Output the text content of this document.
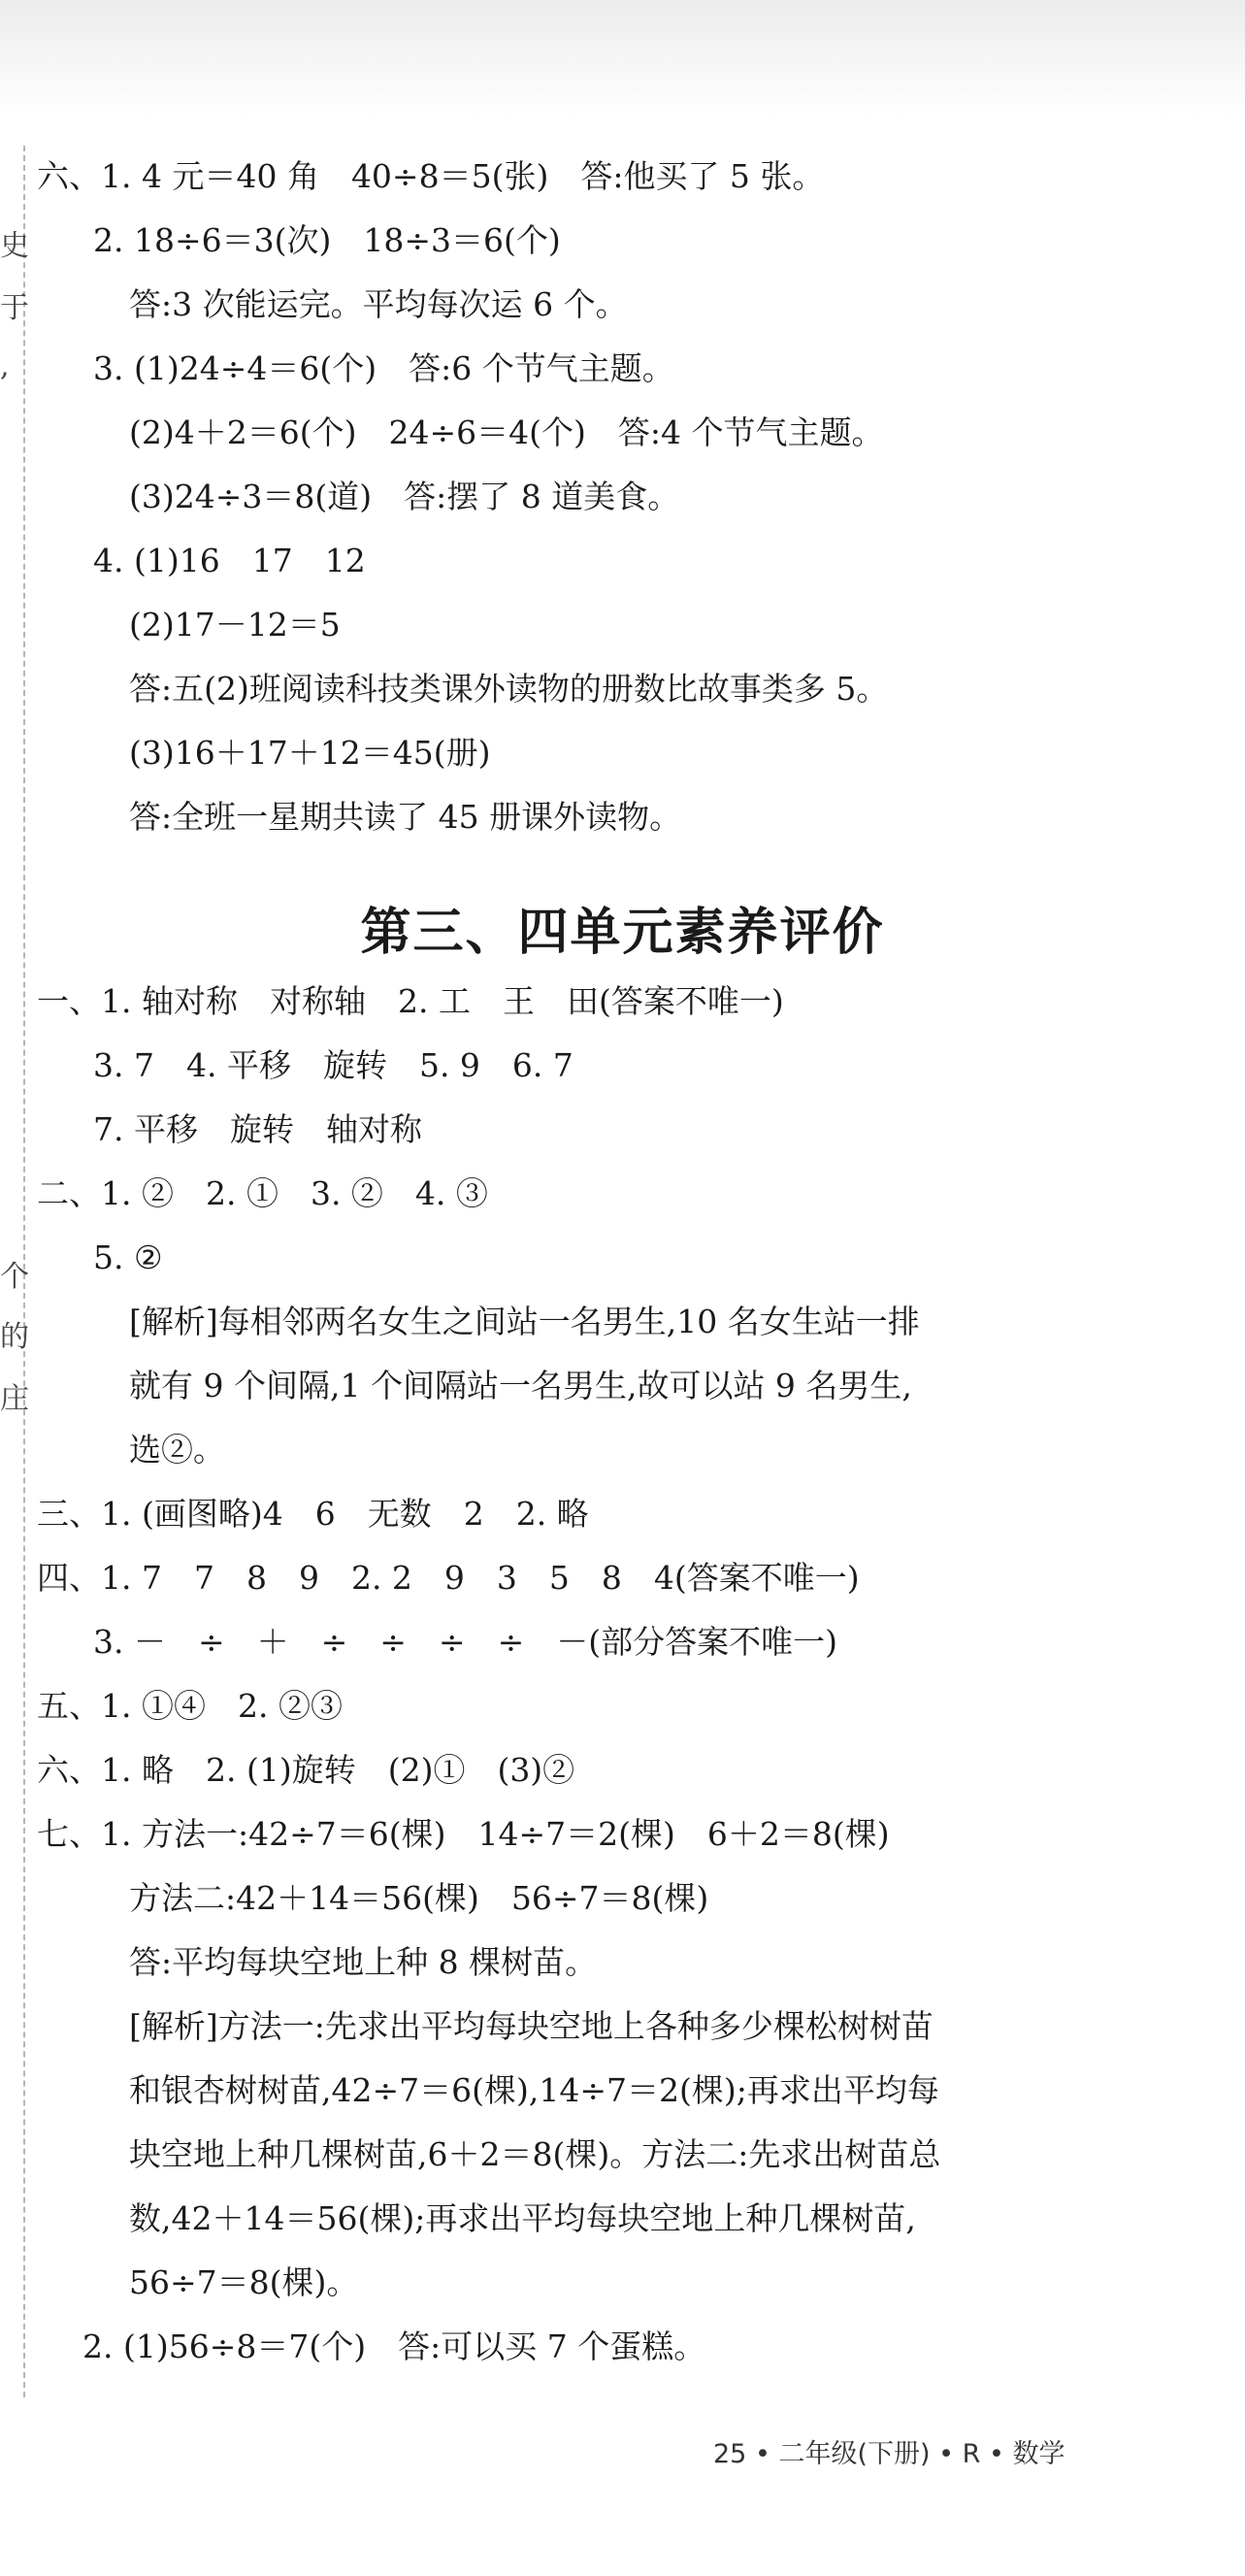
史
于
,
个
的
庄
六、1. 4 元＝40 角　40÷8＝5(张)　答:他买了 5 张。
2. 18÷6＝3(次)　18÷3＝6(个)
答:3 次能运完。平均每次运 6 个。
3. (1)24÷4＝6(个)　答:6 个节气主题。
(2)4＋2＝6(个)　24÷6＝4(个)　答:4 个节气主题。
(3)24÷3＝8(道)　答:摆了 8 道美食。
4. (1)16　17　12
(2)17－12＝5
答:五(2)班阅读科技类课外读物的册数比故事类多 5。
(3)16＋17＋12＝45(册)
答:全班一星期共读了 45 册课外读物。
第三、四单元素养评价
一、1. 轴对称　对称轴　2. 工　王　田(答案不唯一)
3. 7　4. 平移　旋转　5. 9　6. 7
7. 平移　旋转　轴对称
二、1. ②　2. ①　3. ②　4. ③
5. ②
[解析]每相邻两名女生之间站一名男生,10 名女生站一排
就有 9 个间隔,1 个间隔站一名男生,故可以站 9 名男生,
选②。
三、1. (画图略)4　6　无数　2　2. 略
四、1. 7　7　8　9　2. 2　9　3　5　8　4(答案不唯一)
3. －　÷　＋　÷　÷　÷　÷　－(部分答案不唯一)
五、1. ①④　2. ②③
六、1. 略　2. (1)旋转　(2)①　(3)②
七、1. 方法一:42÷7＝6(棵)　14÷7＝2(棵)　6＋2＝8(棵)
方法二:42＋14＝56(棵)　56÷7＝8(棵)
答:平均每块空地上种 8 棵树苗。
[解析]方法一:先求出平均每块空地上各种多少棵松树树苗
和银杏树树苗,42÷7＝6(棵),14÷7＝2(棵);再求出平均每
块空地上种几棵树苗,6＋2＝8(棵)。方法二:先求出树苗总
数,42＋14＝56(棵);再求出平均每块空地上种几棵树苗,
56÷7＝8(棵)。
2. (1)56÷8＝7(个)　答:可以买 7 个蛋糕。
25 • 二年级(下册) • R • 数学
